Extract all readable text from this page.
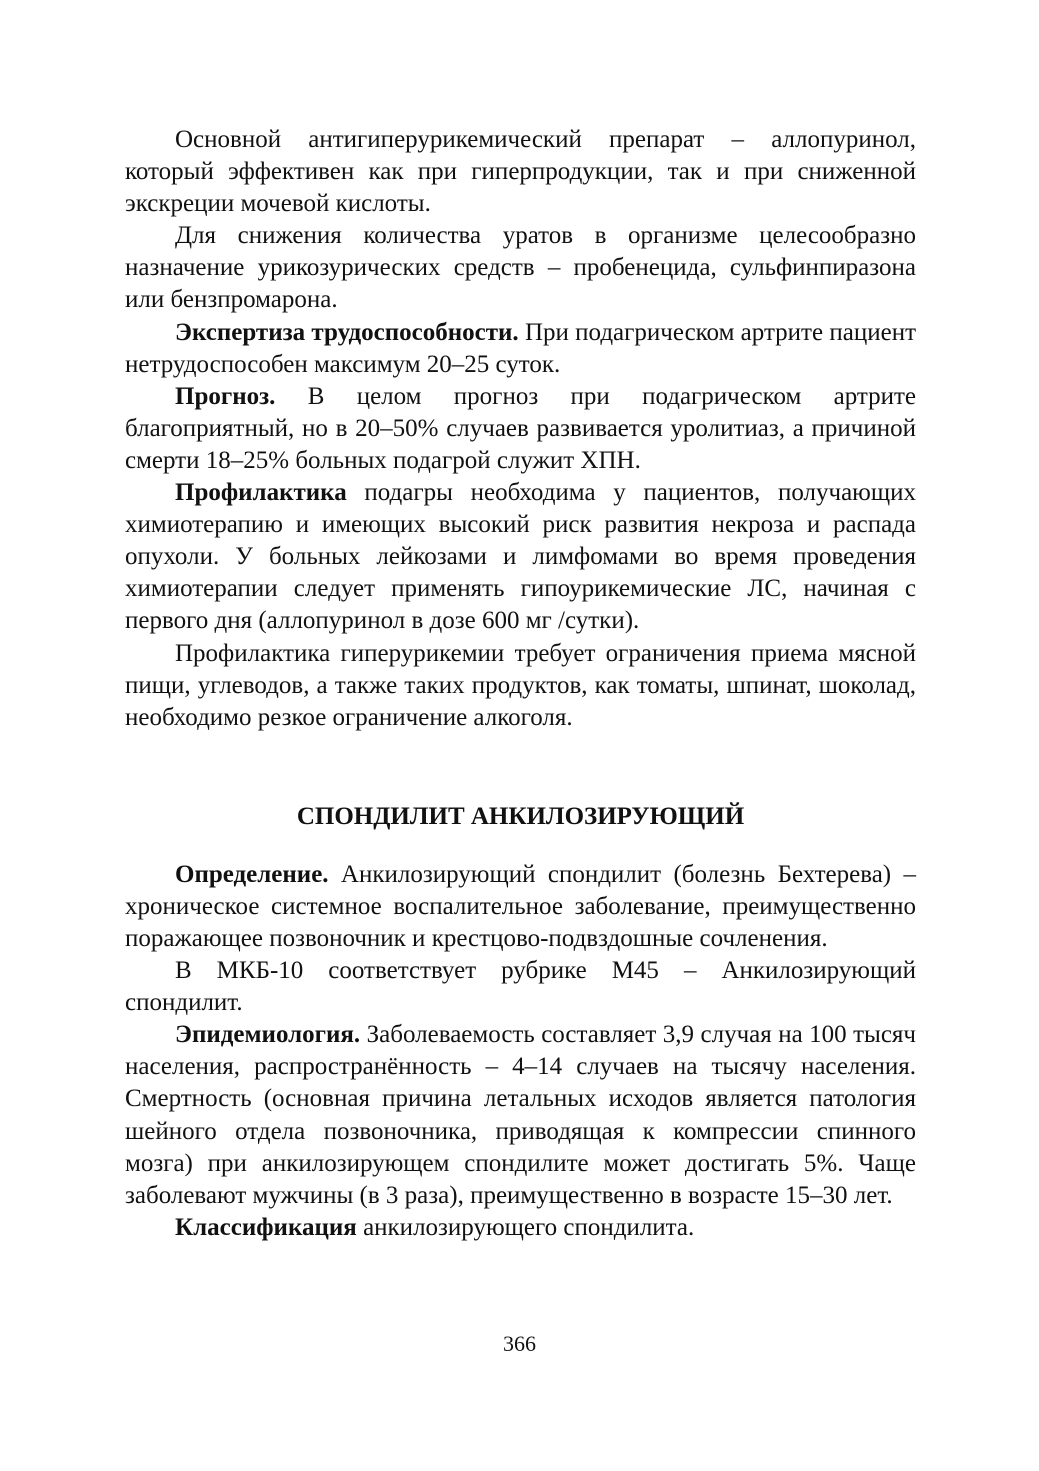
Основной антигиперурикемический препарат – аллопуринол, который эффективен как при гиперпродукции, так и при сниженной экскреции мочевой кислоты.

Для снижения количества уратов в организме целесообразно назначение урикозурических средств – пробенецида, сульфинпиразона или бензпромарона.

Экспертиза трудоспособности. При подагрическом артрите пациент нетрудоспособен максимум 20–25 суток.

Прогноз. В целом прогноз при подагрическом артрите благоприятный, но в 20–50% случаев развивается уролитиаз, а причиной смерти 18–25% больных подагрой служит ХПН.

Профилактика подагры необходима у пациентов, получающих химиотерапию и имеющих высокий риск развития некроза и распада опухоли. У больных лейкозами и лимфомами во время проведения химиотерапии следует применять гипоурикемические ЛС, начиная с первого дня (аллопуринол в дозе 600 мг /сутки).

Профилактика гиперурикемии требует ограничения приема мясной пищи, углеводов, а также таких продуктов, как томаты, шпинат, шоколад, необходимо резкое ограничение алкоголя.

СПОНДИЛИТ АНКИЛОЗИРУЮЩИЙ

Определение. Анкилозирующий спондилит (болезнь Бехтерева) – хроническое системное воспалительное заболевание, преимущественно поражающее позвоночник и крестцово-подвздошные сочленения.

В МКБ-10 соответствует рубрике М45 – Анкилозирующий спондилит.

Эпидемиология. Заболеваемость составляет 3,9 случая на 100 тысяч населения, распространённость – 4–14 случаев на тысячу населения. Смертность (основная причина летальных исходов является патология шейного отдела позвоночника, приводящая к компрессии спинного мозга) при анкилозирующем спондилите может достигать 5%. Чаще заболевают мужчины (в 3 раза), преимущественно в возрасте 15–30 лет.

Классификация анкилозирующего спондилита.

366
